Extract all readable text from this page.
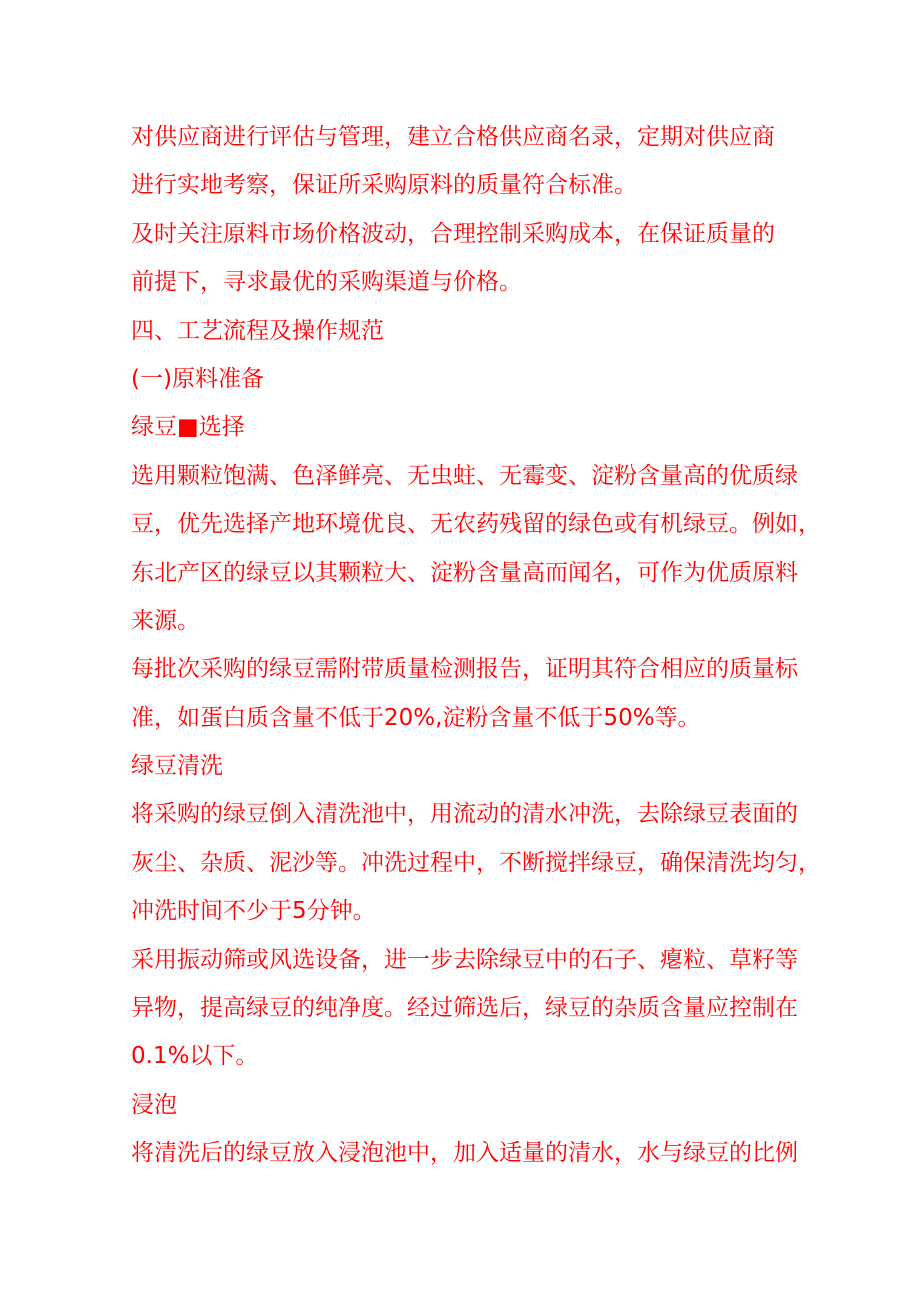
对供应商进行评估与管理，建立合格供应商名录，定期对供应商
进行实地考察，保证所采购原料的质量符合标准。
及时关注原料市场价格波动，合理控制采购成本，在保证质量的
前提下，寻求最优的采购渠道与价格。
四、工艺流程及操作规范
(一)原料准备
绿豆■选择
选用颗粒饱满、色泽鲜亮、无虫蛀、无霉变、淀粉含量高的优质绿
豆，优先选择产地环境优良、无农药残留的绿色或有机绿豆。例如，
东北产区的绿豆以其颗粒大、淀粉含量高而闻名，可作为优质原料
来源。
每批次采购的绿豆需附带质量检测报告，证明其符合相应的质量标
准，如蛋白质含量不低于20%,淀粉含量不低于50%等。
绿豆清洗
将采购的绿豆倒入清洗池中，用流动的清水冲洗，去除绿豆表面的
灰尘、杂质、泥沙等。冲洗过程中，不断搅拌绿豆，确保清洗均匀，
冲洗时间不少于5分钟。
采用振动筛或风选设备，进一步去除绿豆中的石子、瘪粒、草籽等
异物，提高绿豆的纯净度。经过筛选后，绿豆的杂质含量应控制在
0.1%以下。
浸泡
将清洗后的绿豆放入浸泡池中，加入适量的清水，水与绿豆的比例
